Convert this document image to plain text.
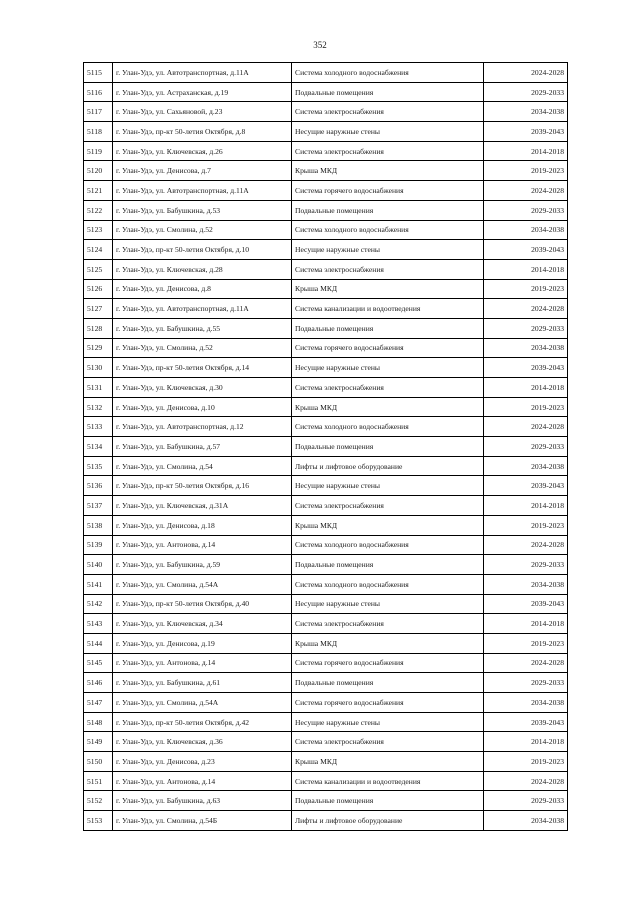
352
5115	г. Улан-Удэ, ул. Автотранспортная, д.11А	Система холодного водоснабжения	2024-2028
5116	г. Улан-Удэ, ул. Астраханская, д.19	Подвальные помещения	2029-2033
5117	г. Улан-Удэ, ул. Сахьяновой, д.23	Система электроснабжения	2034-2038
5118	г. Улан-Удэ, пр-кт 50-летия Октября, д.8	Несущие наружные стены	2039-2043
5119	г. Улан-Удэ, ул. Ключевская, д.26	Система электроснабжения	2014-2018
5120	г. Улан-Удэ, ул. Денисова, д.7	Крыша МКД	2019-2023
5121	г. Улан-Удэ, ул. Автотранспортная, д.11А	Система горячего водоснабжения	2024-2028
5122	г. Улан-Удэ, ул. Бабушкина, д.53	Подвальные помещения	2029-2033
5123	г. Улан-Удэ, ул. Смолина, д.52	Система холодного водоснабжения	2034-2038
5124	г. Улан-Удэ, пр-кт 50-летия Октября, д.10	Несущие наружные стены	2039-2043
5125	г. Улан-Удэ, ул. Ключевская, д.28	Система электроснабжения	2014-2018
5126	г. Улан-Удэ, ул. Денисова, д.8	Крыша МКД	2019-2023
5127	г. Улан-Удэ, ул. Автотранспортная, д.11А	Система канализации и водоотведения	2024-2028
5128	г. Улан-Удэ, ул. Бабушкина, д.55	Подвальные помещения	2029-2033
5129	г. Улан-Удэ, ул. Смолина, д.52	Система горячего водоснабжения	2034-2038
5130	г. Улан-Удэ, пр-кт 50-летия Октября, д.14	Несущие наружные стены	2039-2043
5131	г. Улан-Удэ, ул. Ключевская, д.30	Система электроснабжения	2014-2018
5132	г. Улан-Удэ, ул. Денисова, д.10	Крыша МКД	2019-2023
5133	г. Улан-Удэ, ул. Автотранспортная, д.12	Система холодного водоснабжения	2024-2028
5134	г. Улан-Удэ, ул. Бабушкина, д.57	Подвальные помещения	2029-2033
5135	г. Улан-Удэ, ул. Смолина, д.54	Лифты и лифтовое оборудование	2034-2038
5136	г. Улан-Удэ, пр-кт 50-летия Октября, д.16	Несущие наружные стены	2039-2043
5137	г. Улан-Удэ, ул. Ключевская, д.31А	Система электроснабжения	2014-2018
5138	г. Улан-Удэ, ул. Денисова, д.18	Крыша МКД	2019-2023
5139	г. Улан-Удэ, ул. Антонова, д.14	Система холодного водоснабжения	2024-2028
5140	г. Улан-Удэ, ул. Бабушкина, д.59	Подвальные помещения	2029-2033
5141	г. Улан-Удэ, ул. Смолина, д.54А	Система холодного водоснабжения	2034-2038
5142	г. Улан-Удэ, пр-кт 50-летия Октября, д.40	Несущие наружные стены	2039-2043
5143	г. Улан-Удэ, ул. Ключевская, д.34	Система электроснабжения	2014-2018
5144	г. Улан-Удэ, ул. Денисова, д.19	Крыша МКД	2019-2023
5145	г. Улан-Удэ, ул. Антонова, д.14	Система горячего водоснабжения	2024-2028
5146	г. Улан-Удэ, ул. Бабушкина, д.61	Подвальные помещения	2029-2033
5147	г. Улан-Удэ, ул. Смолина, д.54А	Система горячего водоснабжения	2034-2038
5148	г. Улан-Удэ, пр-кт 50-летия Октября, д.42	Несущие наружные стены	2039-2043
5149	г. Улан-Удэ, ул. Ключевская, д.36	Система электроснабжения	2014-2018
5150	г. Улан-Удэ, ул. Денисова, д.23	Крыша МКД	2019-2023
5151	г. Улан-Удэ, ул. Антонова, д.14	Система канализации и водоотведения	2024-2028
5152	г. Улан-Удэ, ул. Бабушкина, д.63	Подвальные помещения	2029-2033
5153	г. Улан-Удэ, ул. Смолина, д.54Б	Лифты и лифтовое оборудование	2034-2038
